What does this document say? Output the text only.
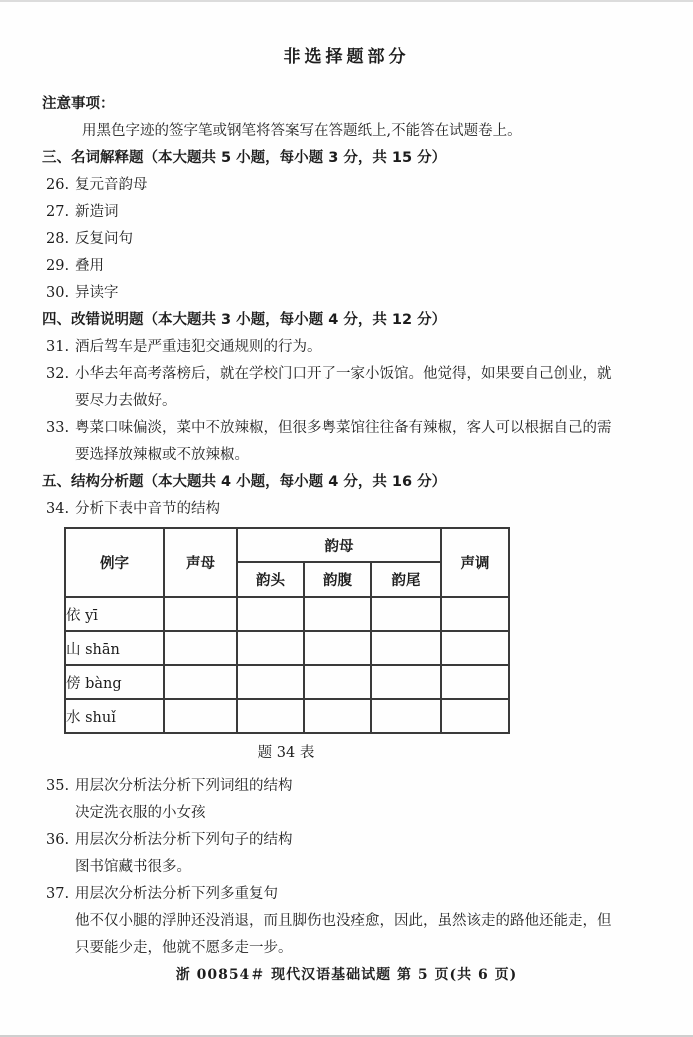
非选择题部分
注意事项：
用黑色字迹的签字笔或钢笔将答案写在答题纸上,不能答在试题卷上。
三、名词解释题（本大题共 5 小题，每小题 3 分，共 15 分）
26. 复元音韵母
27. 新造词
28. 反复问句
29. 叠用
30. 异读字
四、改错说明题（本大题共 3 小题，每小题 4 分，共 12 分）
31. 酒后驾车是严重违犯交通规则的行为。
32. 小华去年高考落榜后，就在学校门口开了一家小饭馆。他觉得，如果要自己创业，就
要尽力去做好。
33. 粤菜口味偏淡，菜中不放辣椒，但很多粤菜馆往往备有辣椒，客人可以根据自己的需
要选择放辣椒或不放辣椒。
五、结构分析题（本大题共 4 小题，每小题 4 分，共 16 分）
34. 分析下表中音节的结构
例字	声母	韵母			声调
		韵头	韵腹	韵尾	
依 yī					
山 shān					
傍 bàng					
水 shuǐ					
题 34 表
35. 用层次分析法分析下列词组的结构
决定洗衣服的小女孩
36. 用层次分析法分析下列句子的结构
图书馆藏书很多。
37. 用层次分析法分析下列多重复句
他不仅小腿的浮肿还没消退，而且脚伤也没痊愈，因此，虽然该走的路他还能走，但
只要能少走，他就不愿多走一步。
浙 00854＃ 现代汉语基础试题 第 5 页(共 6 页)
